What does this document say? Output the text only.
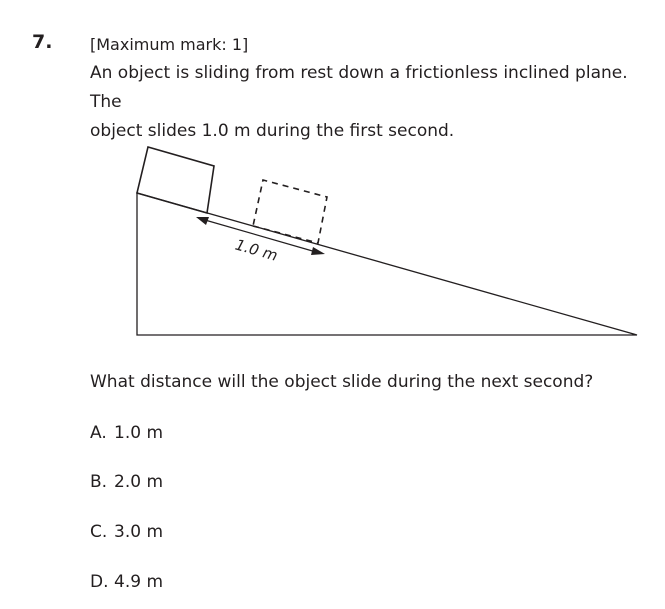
7. [Maximum mark: 1]

An object is sliding from rest down a frictionless inclined plane. The

object slides 1.0 m during the first second.

1.0 m
What distance will the object slide during the next second?
A. 1.0 m
B. 2.0 m
C. 3.0 m
D. 4.9 m
